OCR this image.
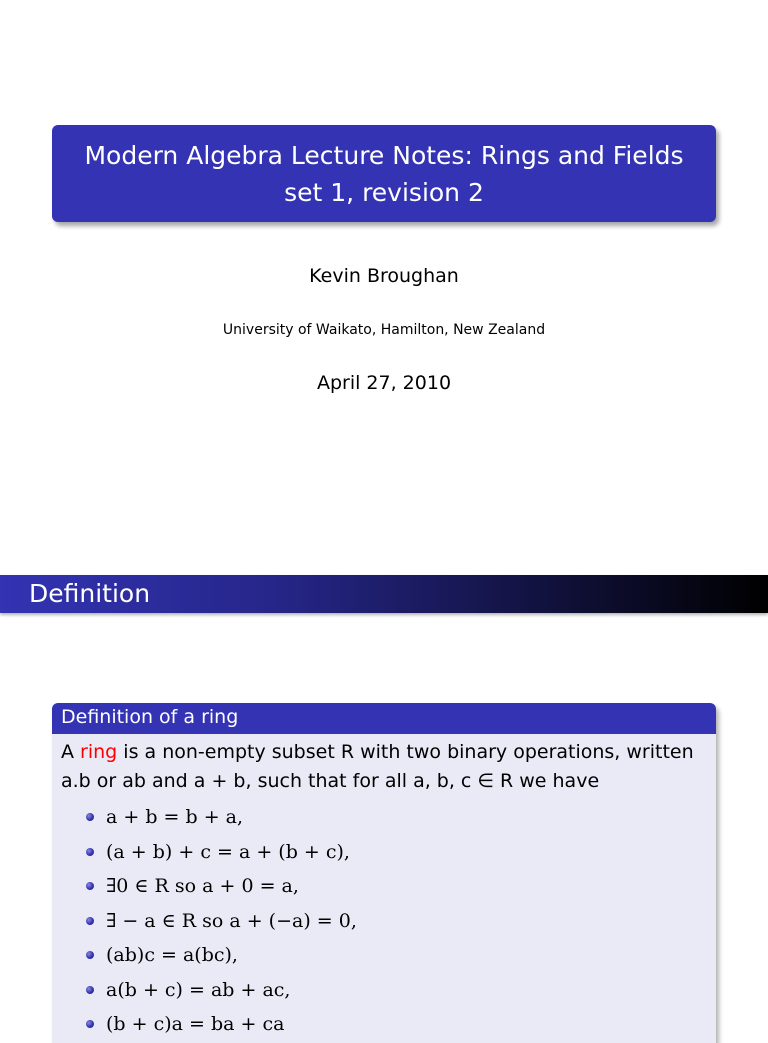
Modern Algebra Lecture Notes: Rings and Fields
set 1, revision 2
Kevin Broughan
University of Waikato, Hamilton, New Zealand
April 27, 2010
Definition
Definition of a ring
A ring is a non-empty subset R with two binary operations, written
a.b or ab and a + b, such that for all a, b, c ∈ R we have
a + b = b + a,
(a + b) + c = a + (b + c),
∃0 ∈ R so a + 0 = a,
∃ − a ∈ R so a + (−a) = 0,
(ab)c = a(bc),
a(b + c) = ab + ac,
(b + c)a = ba + ca
